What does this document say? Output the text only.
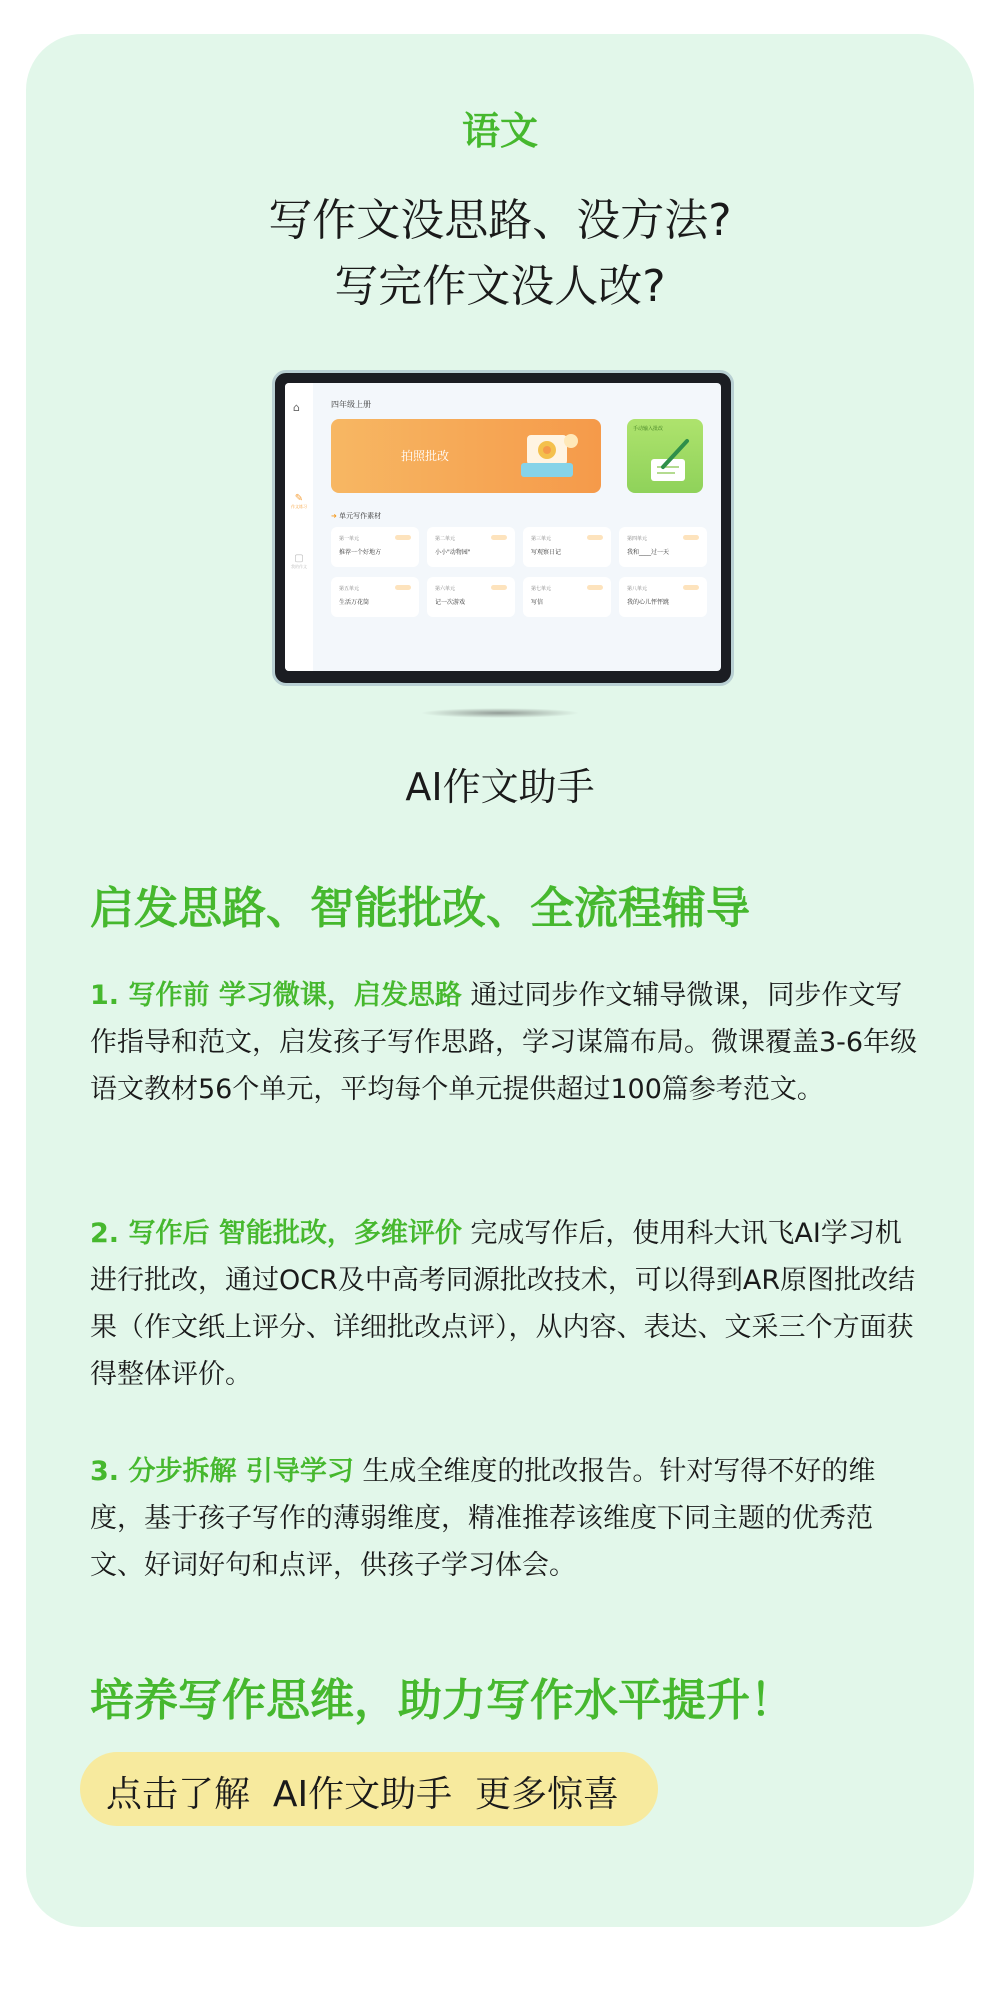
语文
写作文没思路、没方法?
写完作文没人改?
⌂
✎
作文练习
▢
我的作文
四年级上册
拍照批改
手动输入批改
➜ 单元写作素材
第一单元
推荐一个好地方
第二单元
小小"动物园"
第三单元
写观察日记
第四单元
我和____过一天
第五单元
生活万花筒
第六单元
记一次游戏
第七单元
写信
第八单元
我的心儿怦怦跳
AI作文助手
启发思路、智能批改、全流程辅导
1. 写作前 学习微课，启发思路 通过同步作文辅导微课，同步作文写作指导和范文，启发孩子写作思路，学习谋篇布局。微课覆盖3-6年级语文教材56个单元，平均每个单元提供超过100篇参考范文。
2. 写作后 智能批改，多维评价 完成写作后，使用科大讯飞AI学习机进行批改，通过OCR及中高考同源批改技术，可以得到AR原图批改结果（作文纸上评分、详细批改点评），从内容、表达、文采三个方面获得整体评价。
3. 分步拆解 引导学习 生成全维度的批改报告。针对写得不好的维度，基于孩子写作的薄弱维度，精准推荐该维度下同主题的优秀范文、好词好句和点评，供孩子学习体会。
培养写作思维，助力写作水平提升！
点击了解  AI作文助手  更多惊喜
